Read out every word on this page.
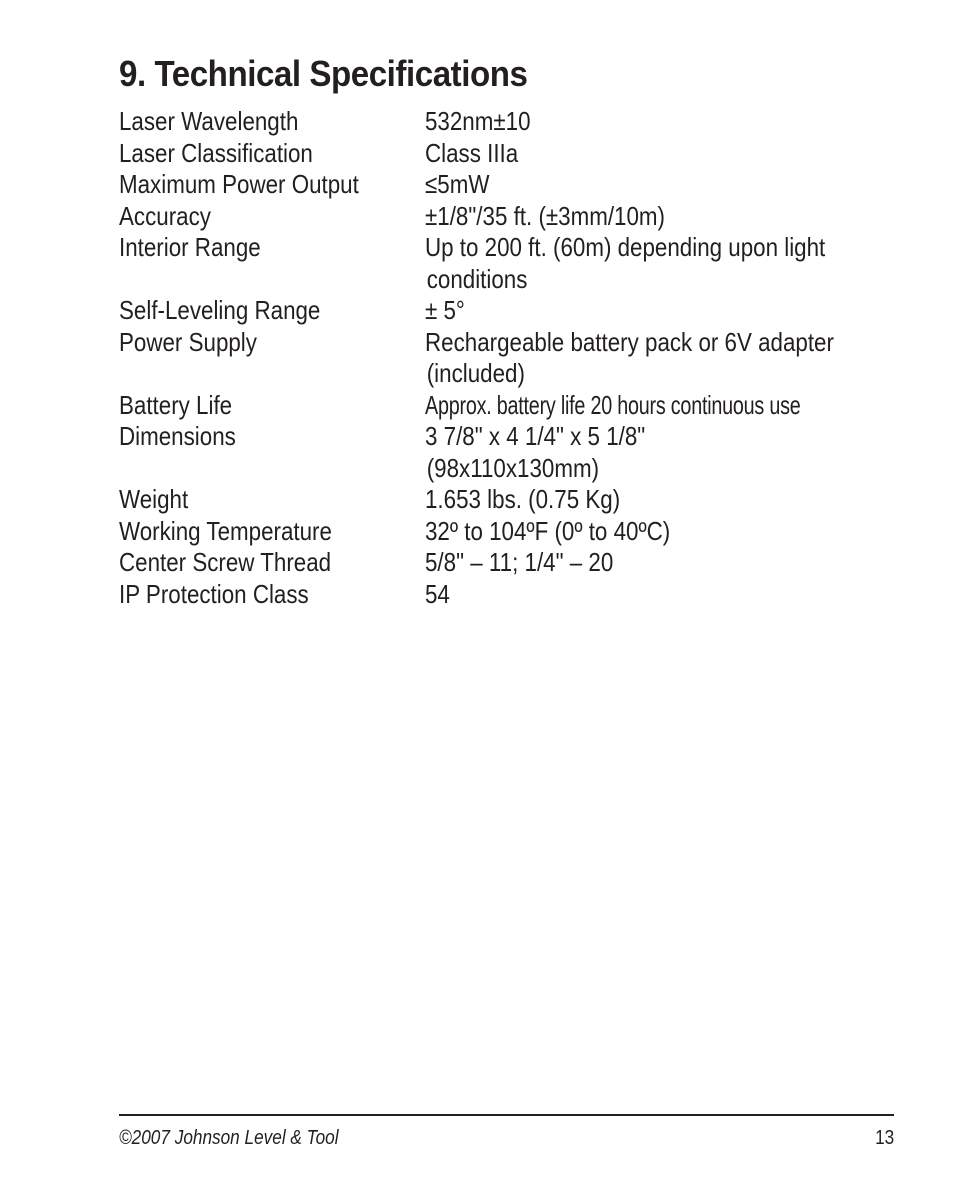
9. Technical Specifications
Laser Wavelength	532nm±10
Laser Classification	Class IIIa
Maximum Power Output	≤5mW
Accuracy	±1/8"/35 ft. (±3mm/10m)
Interior Range	Up to 200 ft. (60m) depending upon light
conditions
Self-Leveling Range	± 5°
Power Supply	Rechargeable battery pack or 6V adapter
(included)
Battery Life	Approx. battery life 20 hours continuous use
Dimensions	3 7/8" x 4 1/4" x 5 1/8"
(98x110x130mm)
Weight	1.653 lbs. (0.75 Kg)
Working Temperature	32º to 104ºF (0º to 40ºC)
Center Screw Thread	5/8" – 11; 1/4" – 20
IP Protection Class	54
©2007 Johnson Level & Tool	13
